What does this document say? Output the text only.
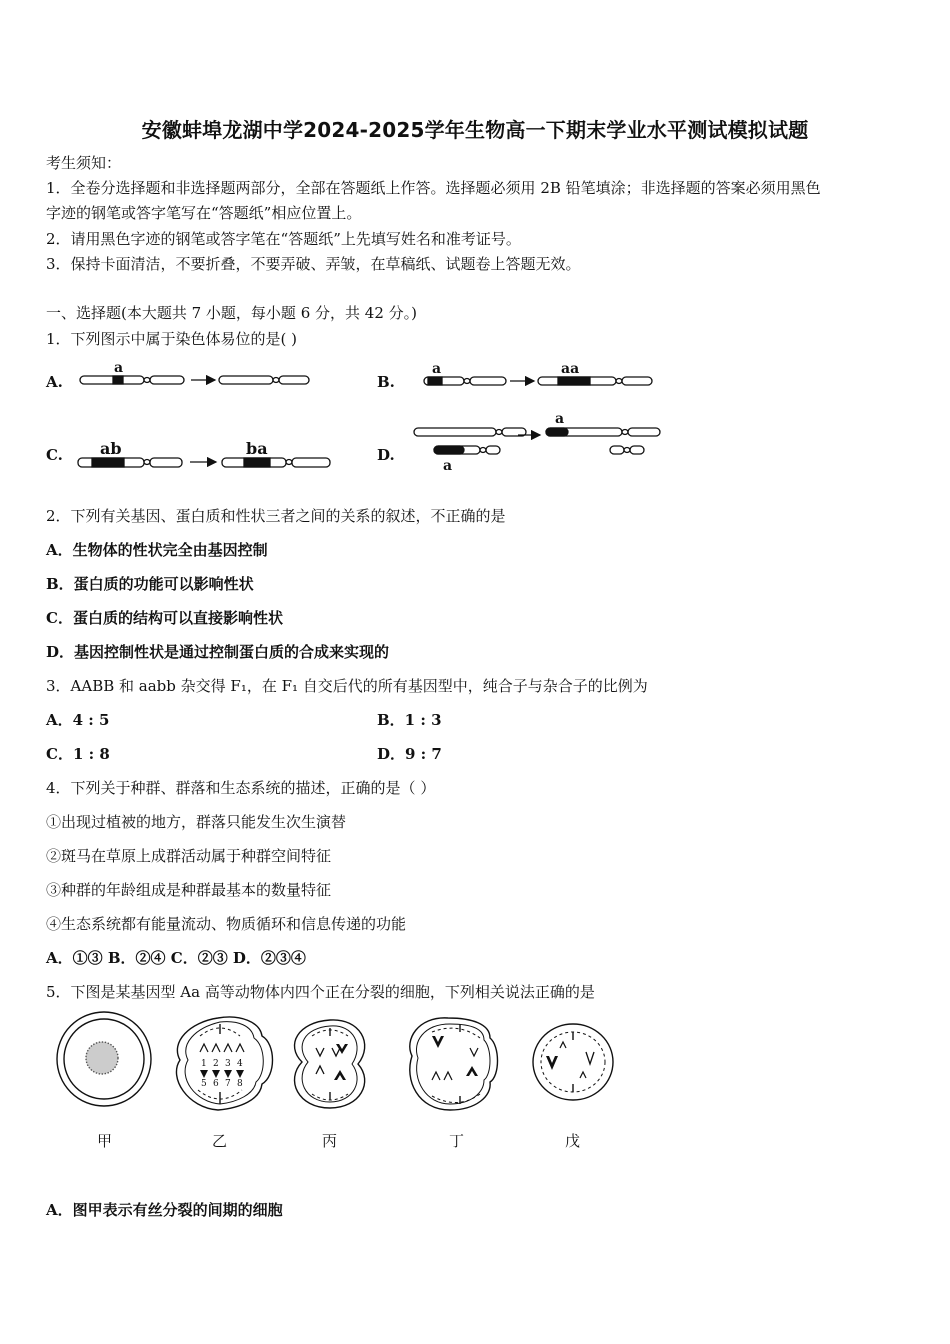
安徽蚌埠龙湖中学2024-2025学年生物高一下期末学业水平测试模拟试题
考生须知：
1．全卷分选择题和非选择题两部分，全部在答题纸上作答。选择题必须用 2B 铅笔填涂；非选择题的答案必须用黑色
字迹的钢笔或答字笔写在“答题纸”相应位置上。
2．请用黑色字迹的钢笔或答字笔在“答题纸”上先填写姓名和准考证号。
3．保持卡面清洁，不要折叠，不要弄破、弄皱，在草稿纸、试题卷上答题无效。
一、选择题(本大题共 7 小题，每小题 6 分，共 42 分。)
1．下列图示中属于染色体易位的是( )
A.	B.
C.	D.
a	a	aa
ab	ba
a
a
2．下列有关基因、蛋白质和性状三者之间的关系的叙述，不正确的是
A．生物体的性状完全由基因控制
B．蛋白质的功能可以影响性状
C．蛋白质的结构可以直接影响性状
D．基因控制性状是通过控制蛋白质的合成来实现的
3．AABB 和 aabb 杂交得 F₁，在 F₁ 自交后代的所有基因型中，纯合子与杂合子的比例为
A．4 : 5	B．1 : 3
C．1 : 8	D．9 : 7
4．下列关于种群、群落和生态系统的描述，正确的是（ ）
①出现过植被的地方，群落只能发生次生演替
②斑马在草原上成群活动属于种群空间特征
③种群的年龄组成是种群最基本的数量特征
④生态系统都有能量流动、物质循环和信息传递的功能
A．①③ B．②④ C．②③ D．②③④
5．下图是某基因型 Aa 高等动物体内四个正在分裂的细胞，下列相关说法正确的是
1 2 3 4
5 6 7 8
甲	乙	丙	丁	戊
A．图甲表示有丝分裂的间期的细胞
